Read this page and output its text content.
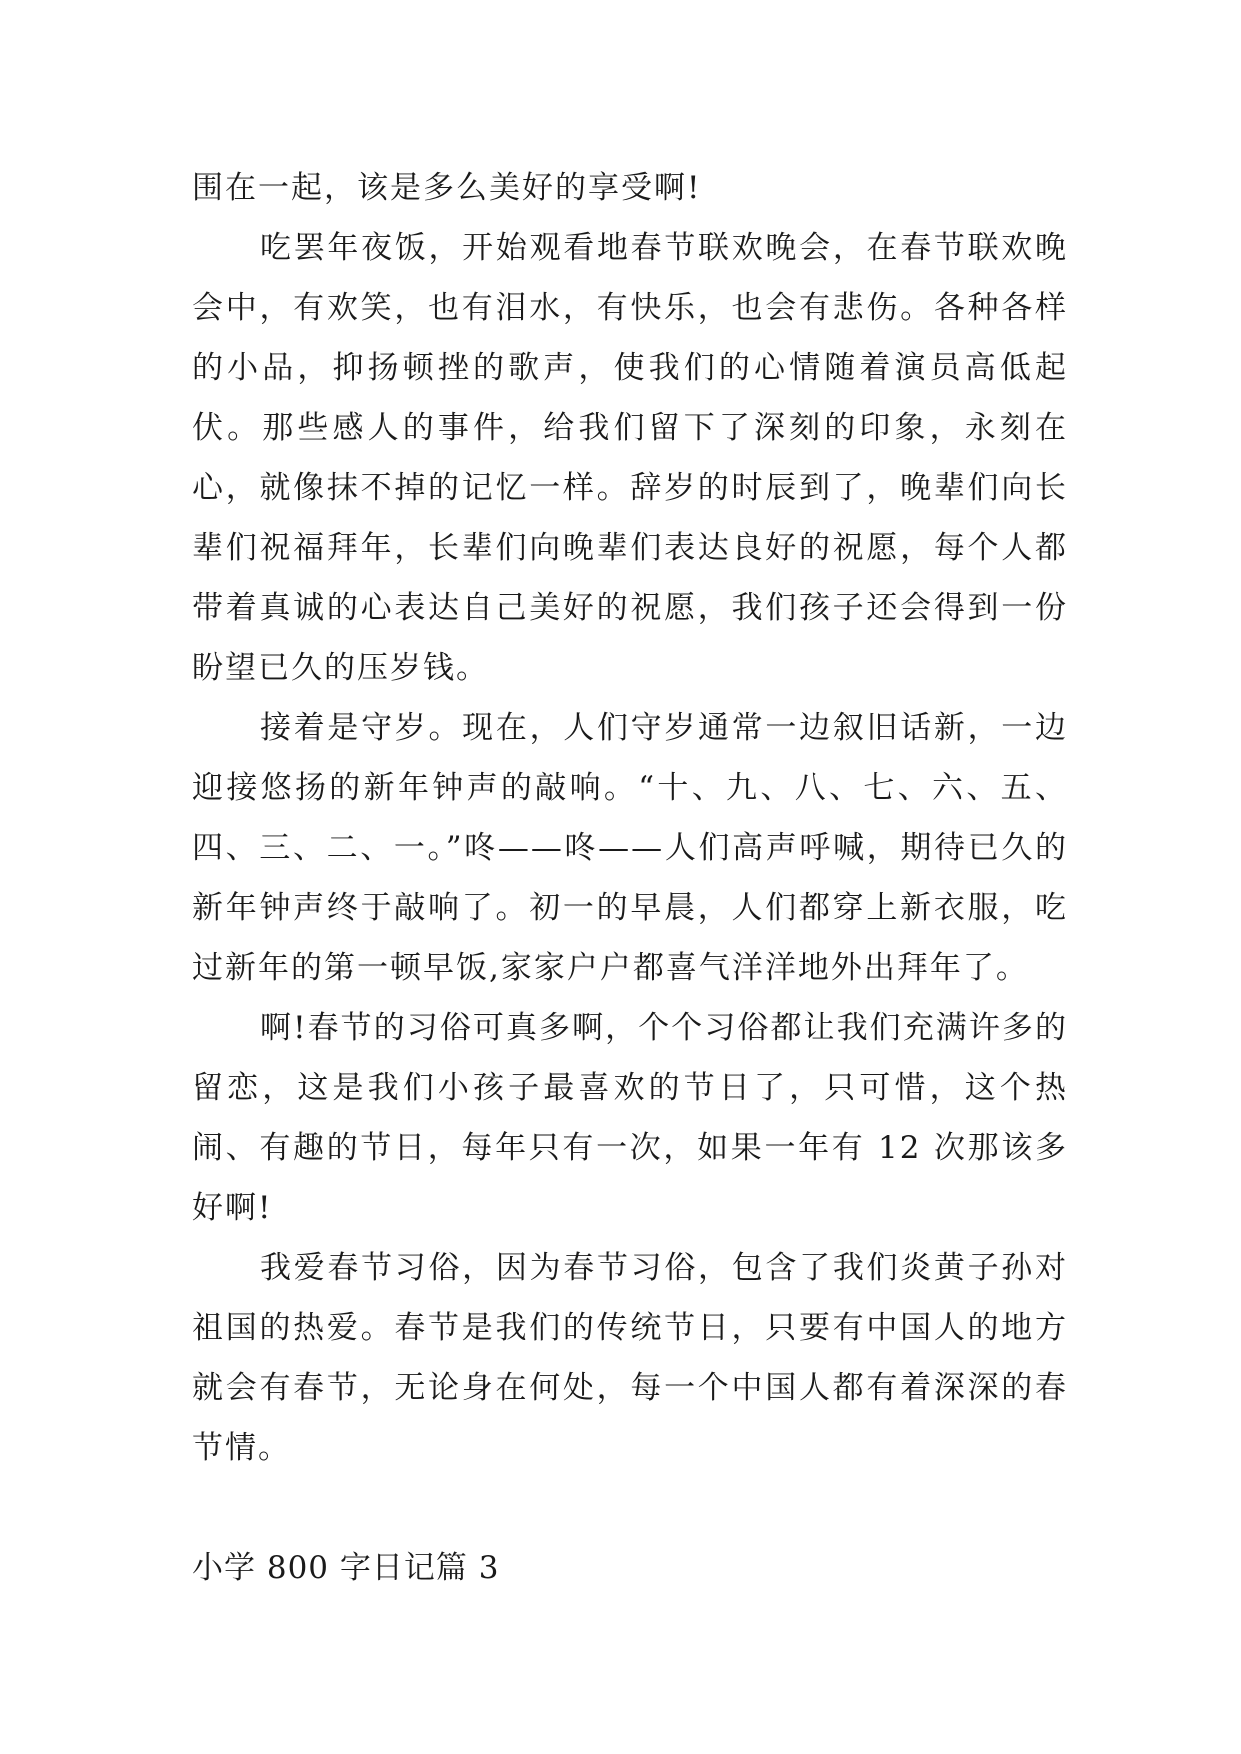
围在一起，该是多么美好的享受啊!

吃罢年夜饭，开始观看地春节联欢晚会，在春节联欢晚会中，有欢笑，也有泪水，有快乐，也会有悲伤。各种各样的小品，抑扬顿挫的歌声，使我们的心情随着演员高低起伏。那些感人的事件，给我们留下了深刻的印象，永刻在心，就像抹不掉的记忆一样。辞岁的时辰到了，晚辈们向长辈们祝福拜年，长辈们向晚辈们表达良好的祝愿，每个人都带着真诚的心表达自己美好的祝愿，我们孩子还会得到一份盼望已久的压岁钱。

接着是守岁。现在，人们守岁通常一边叙旧话新，一边迎接悠扬的新年钟声的敲响。“十、九、八、七、六、五、四、三、二、一。”咚——咚——人们高声呼喊，期待已久的新年钟声终于敲响了。初一的早晨，人们都穿上新衣服，吃过新年的第一顿早饭,家家户户都喜气洋洋地外出拜年了。

啊!春节的习俗可真多啊，个个习俗都让我们充满许多的留恋，这是我们小孩子最喜欢的节日了，只可惜，这个热闹、有趣的节日，每年只有一次，如果一年有 12 次那该多好啊!

我爱春节习俗，因为春节习俗，包含了我们炎黄子孙对祖国的热爱。春节是我们的传统节日，只要有中国人的地方就会有春节，无论身在何处，每一个中国人都有着深深的春节情。

小学 800 字日记篇 3
